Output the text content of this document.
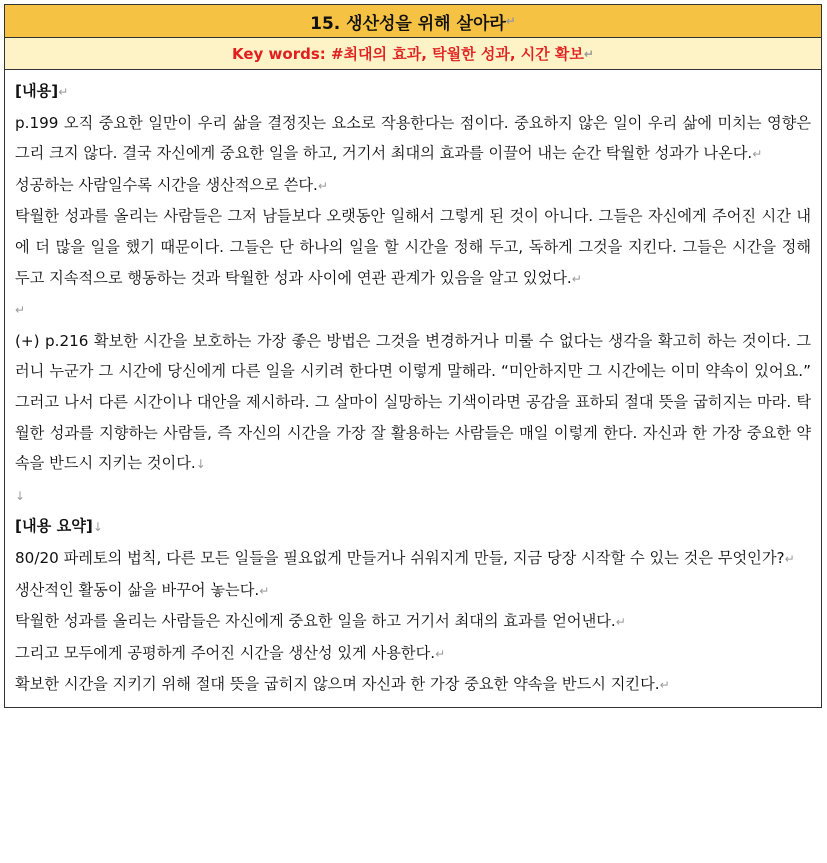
15. 생산성을 위해 살아라 ↵
Key words: #최대의 효과, 탁월한 성과, 시간 확보 ↵

[내용]↵

p.199 오직 중요한 일만이 우리 삶을 결정짓는 요소로 작용한다는 점이다. 중요하지 않은 일이 우리 삶에 미치는 영향은 그리 크지 않다. 결국 자신에게 중요한 일을 하고, 거기서 최대의 효과를 이끌어 내는 순간 탁월한 성과가 나온다.↵

성공하는 사람일수록 시간을 생산적으로 쓴다.↵

탁월한 성과를 올리는 사람들은 그저 남들보다 오랫동안 일해서 그렇게 된 것이 아니다. 그들은 자신에게 주어진 시간 내에 더 많을 일을 했기 때문이다. 그들은 단 하나의 일을 할 시간을 정해 두고, 독하게 그것을 지킨다. 그들은 시간을 정해 두고 지속적으로 행동하는 것과 탁월한 성과 사이에 연관 관계가 있음을 알고 있었다.↵

↵

(+) p.216 확보한 시간을 보호하는 가장 좋은 방법은 그것을 변경하거나 미룰 수 없다는 생각을 확고히 하는 것이다. 그러니 누군가 그 시간에 당신에게 다른 일을 시키려 한다면 이렇게 말해라. “미안하지만 그 시간에는 이미 약속이 있어요.” 그러고 나서 다른 시간이나 대안을 제시하라. 그 살마이 실망하는 기색이라면 공감을 표하되 절대 뜻을 굽히지는 마라. 탁월한 성과를 지향하는 사람들, 즉 자신의 시간을 가장 잘 활용하는 사람들은 매일 이렇게 한다. 자신과 한 가장 중요한 약속을 반드시 지키는 것이다.↓

↓

[내용 요약]↓

80/20 파레토의 법칙, 다른 모든 일들을 필요없게 만들거나 쉬워지게 만들, 지금 당장 시작할 수 있는 것은 무엇인가?↵

생산적인 활동이 삶을 바꾸어 놓는다.↵

탁월한 성과를 올리는 사람들은 자신에게 중요한 일을 하고 거기서 최대의 효과를 얻어낸다.↵

그리고 모두에게 공평하게 주어진 시간을 생산성 있게 사용한다.↵

확보한 시간을 지키기 위해 절대 뜻을 굽히지 않으며 자신과 한 가장 중요한 약속을 반드시 지킨다.↵
